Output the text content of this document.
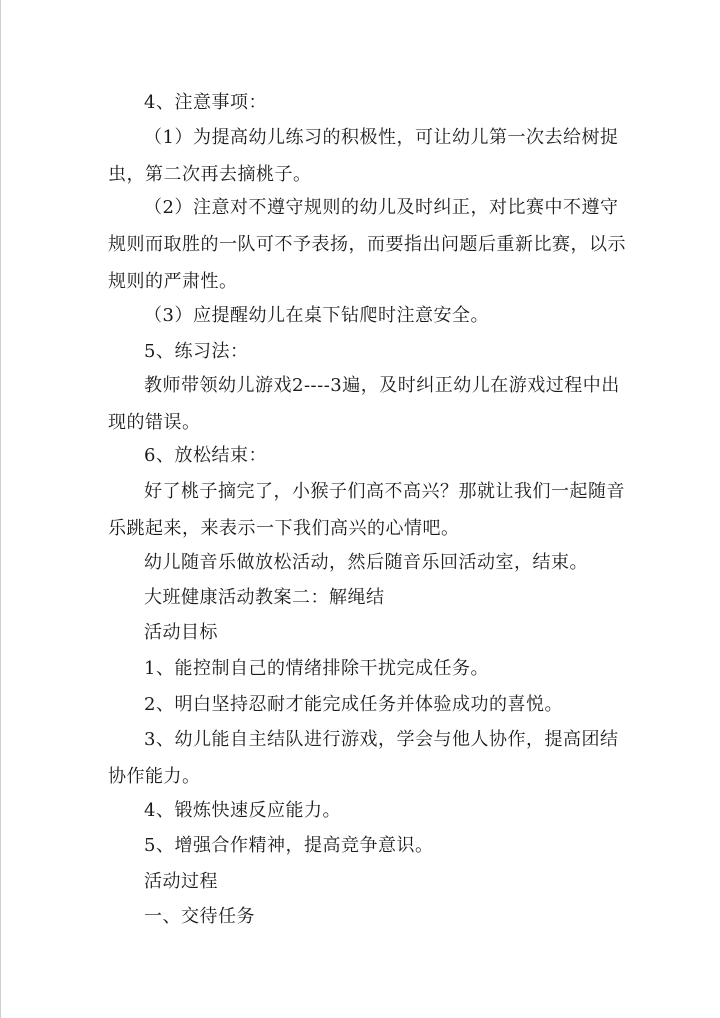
4、注意事项：

（1）为提高幼儿练习的积极性，可让幼儿第一次去给树捉虫，第二次再去摘桃子。

（2）注意对不遵守规则的幼儿及时纠正，对比赛中不遵守规则而取胜的一队可不予表扬，而要指出问题后重新比赛，以示规则的严肃性。

（3）应提醒幼儿在桌下钻爬时注意安全。

5、练习法：

教师带领幼儿游戏2----3遍，及时纠正幼儿在游戏过程中出现的错误。

6、放松结束：

好了桃子摘完了，小猴子们高不高兴？那就让我们一起随音乐跳起来，来表示一下我们高兴的心情吧。

幼儿随音乐做放松活动，然后随音乐回活动室，结束。

大班健康活动教案二：解绳结

活动目标

1、能控制自己的情绪排除干扰完成任务。

2、明白坚持忍耐才能完成任务并体验成功的喜悦。

3、幼儿能自主结队进行游戏，学会与他人协作，提高团结协作能力。

4、锻炼快速反应能力。

5、增强合作精神，提高竞争意识。

活动过程

一、交待任务
